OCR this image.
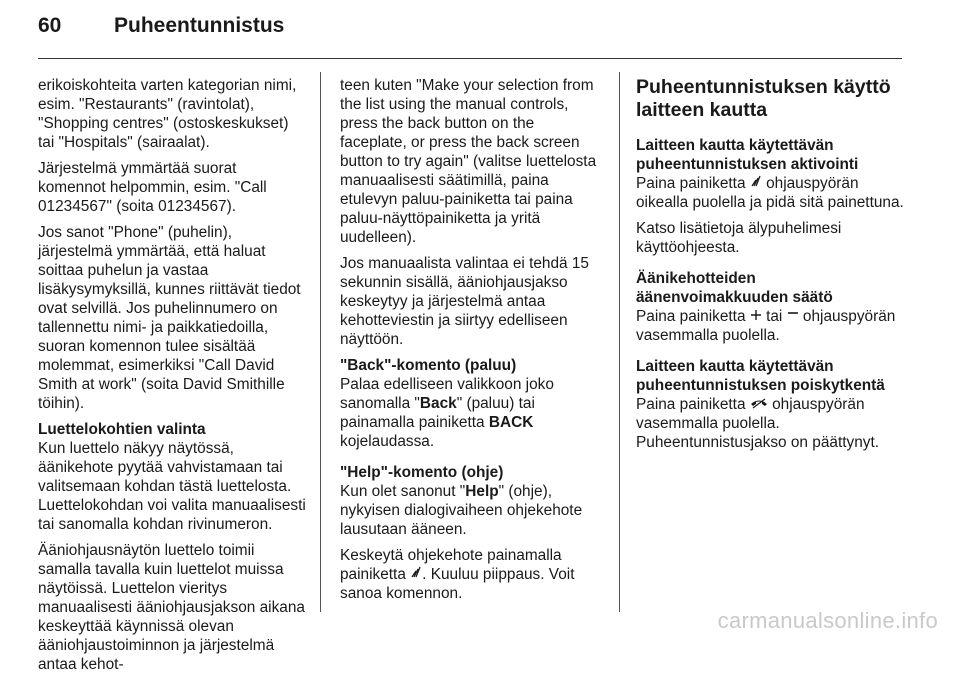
60	Puheentunnistus

erikoiskohteita varten kategorian nimi, esim. "Restaurants" (ravintolat), "Shopping centres" (ostoskeskukset) tai "Hospitals" (sairaalat).

Järjestelmä ymmärtää suorat komennot helpommin, esim. "Call 01234567" (soita 01234567).

Jos sanot "Phone" (puhelin), järjestelmä ymmärtää, että haluat soittaa puhelun ja vastaa lisäkysymyksillä, kunnes riittävät tiedot ovat selvillä. Jos puhelinnumero on tallennettu nimi- ja paikkatiedoilla, suoran komennon tulee sisältää molemmat, esimerkiksi "Call David Smith at work" (soita David Smithille töihin).

Luettelokohtien valinta

Kun luettelo näkyy näytössä, äänikehote pyytää vahvistamaan tai valitsemaan kohdan tästä luettelosta. Luettelokohdan voi valita manuaalisesti tai sanomalla kohdan rivinumeron.

Ääniohjausnäytön luettelo toimii samalla tavalla kuin luettelot muissa näytöissä. Luettelon vieritys manuaalisesti ääniohjausjakson aikana keskeyttää käynnissä olevan ääniohjaustoiminnon ja järjestelmä antaa kehot-

teen kuten "Make your selection from the list using the manual controls, press the back button on the faceplate, or press the back screen button to try again" (valitse luettelosta manuaalisesti säätimillä, paina etulevyn paluu-painiketta tai paina paluu-näyttöpainiketta ja yritä uudelleen).

Jos manuaalista valintaa ei tehdä 15 sekunnin sisällä, ääniohjausjakso keskeytyy ja järjestelmä antaa kehotteviestin ja siirtyy edelliseen näyttöön.

"Back"-komento (paluu)

Palaa edelliseen valikkoon joko sanomalla "Back" (paluu) tai painamalla painiketta BACK kojelaudassa.

"Help"-komento (ohje)

Kun olet sanonut "Help" (ohje), nykyisen dialogivaiheen ohjekehote lausutaan ääneen.

Keskeytä ohjekehote painamalla painiketta . Kuuluu piippaus. Voit sanoa komennon.

Puheentunnistuksen käyttö laitteen kautta
Laitteen kautta käytettävän puheentunnistuksen aktivointi

Paina painiketta  ohjauspyörän oikealla puolella ja pidä sitä painettuna.

Katso lisätietoja älypuhelimesi käyttöohjeesta.

Äänikehotteiden äänenvoimakkuuden säätö

Paina painiketta  tai  ohjauspyörän vasemmalla puolella.

Laitteen kautta käytettävän puheentunnistuksen poiskytkentä

Paina painiketta  ohjauspyörän vasemmalla puolella. Puheentunnistusjakso on päättynyt.

carmanualsonline.info
